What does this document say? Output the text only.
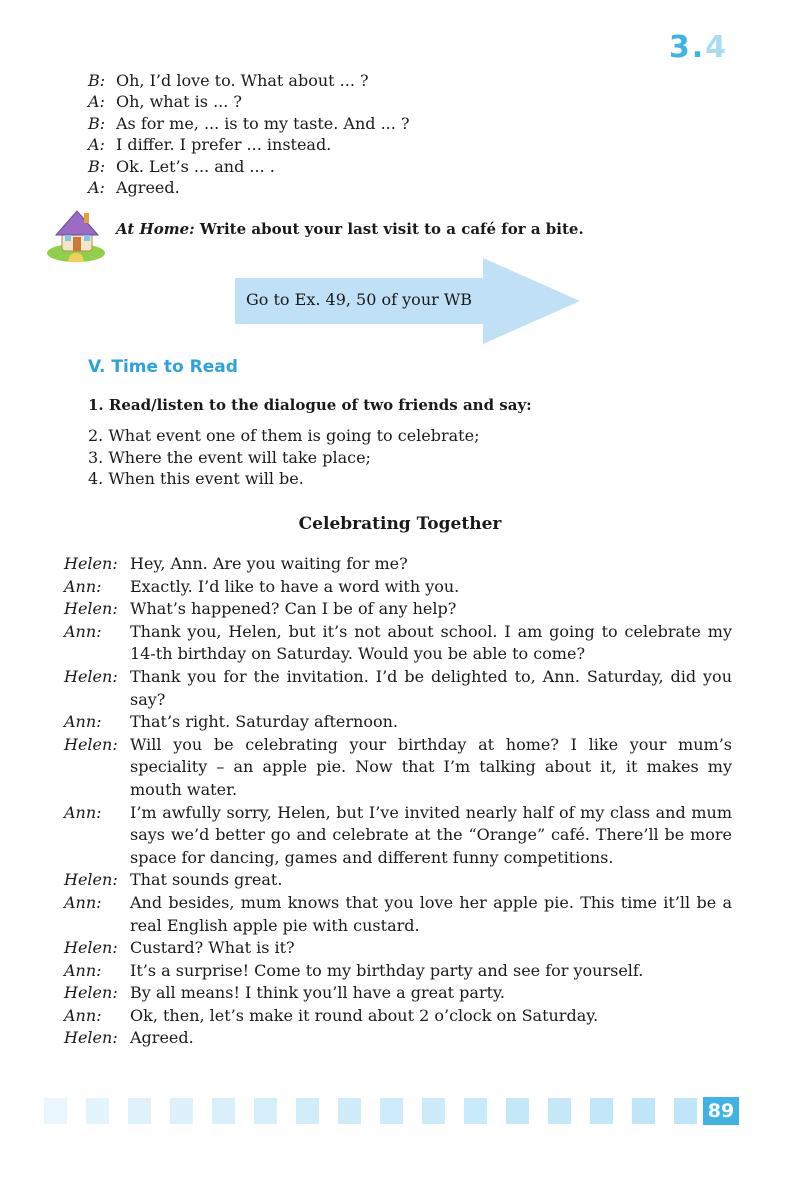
3.4
B: Oh, I’d love to. What about ... ?
A: Oh, what is ... ?
B: As for me, ... is to my taste. And ... ?
A: I differ. I prefer ... instead.
B: Ok. Let’s ... and ... .
A: Agreed.
At Home: Write about your last visit to a café for a bite.
Go to Ex. 49, 50 of your WB
V. Time to Read
1. Read/listen to the dialogue of two friends and say:
2. What event one of them is going to celebrate;
3. Where the event will take place;
4. When this event will be.
Celebrating Together
Helen: Hey, Ann. Are you waiting for me?
Ann:	Exactly. I’d like to have a word with you.
Helen: What’s happened? Can I be of any help?
Ann:	Thank you, Helen, but it’s not about school. I am going to celebrate my 14-th birthday on Saturday. Would you be able to come?
Helen: Thank you for the invitation. I’d be delighted to, Ann. Saturday, did you say?
Ann:	That’s right. Saturday afternoon.
Helen: Will you be celebrating your birthday at home? I like your mum’s speciality – an apple pie. Now that I’m talking about it, it makes my mouth water.
Ann:	I’m awfully sorry, Helen, but I’ve invited nearly half of my class and mum says we’d better go and celebrate at the “Orange” café. There’ll be more space for dancing, games and different funny competitions.
Helen: That sounds great.
Ann:	And besides, mum knows that you love her apple pie. This time it’ll be a real English apple pie with custard.
Helen: Custard? What is it?
Ann:	It’s a surprise! Come to my birthday party and see for yourself.
Helen: By all means! I think you’ll have a great party.
Ann:	Ok, then, let’s make it round about 2 o’clock on Saturday.
Helen: Agreed.
89
